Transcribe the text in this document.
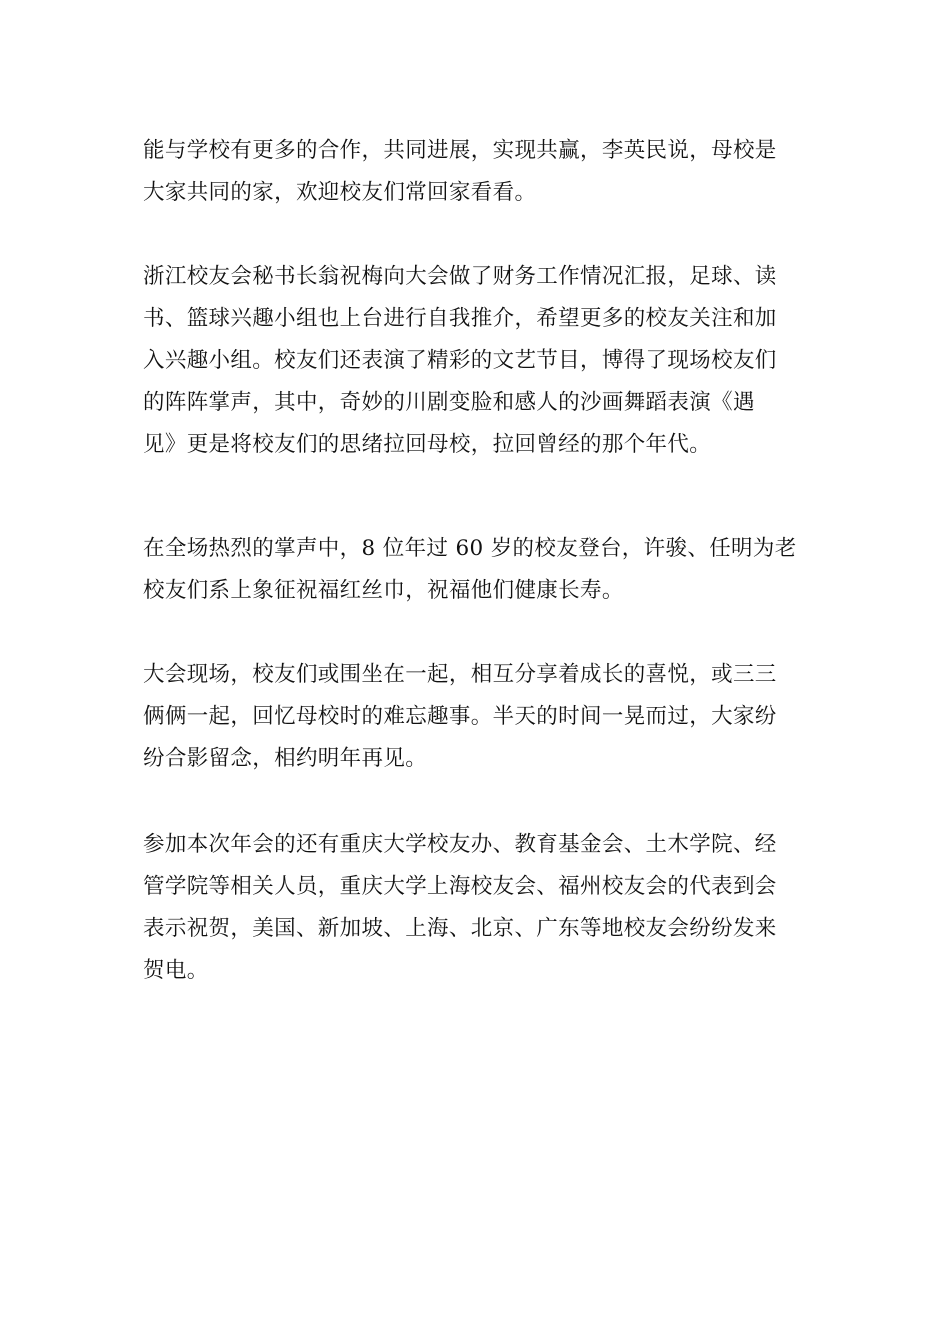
能与学校有更多的合作，共同进展，实现共赢，李英民说，母校是
大家共同的家，欢迎校友们常回家看看。
浙江校友会秘书长翁祝梅向大会做了财务工作情况汇报，足球、读
书、篮球兴趣小组也上台进行自我推介，希望更多的校友关注和加
入兴趣小组。校友们还表演了精彩的文艺节目，博得了现场校友们
的阵阵掌声，其中，奇妙的川剧变脸和感人的沙画舞蹈表演《遇
见》更是将校友们的思绪拉回母校，拉回曾经的那个年代。
在全场热烈的掌声中，8 位年过 60 岁的校友登台，许骏、任明为老
校友们系上象征祝福红丝巾，祝福他们健康长寿。
大会现场，校友们或围坐在一起，相互分享着成长的喜悦，或三三
俩俩一起，回忆母校时的难忘趣事。半天的时间一晃而过，大家纷
纷合影留念，相约明年再见。
参加本次年会的还有重庆大学校友办、教育基金会、土木学院、经
管学院等相关人员，重庆大学上海校友会、福州校友会的代表到会
表示祝贺，美国、新加坡、上海、北京、广东等地校友会纷纷发来
贺电。
